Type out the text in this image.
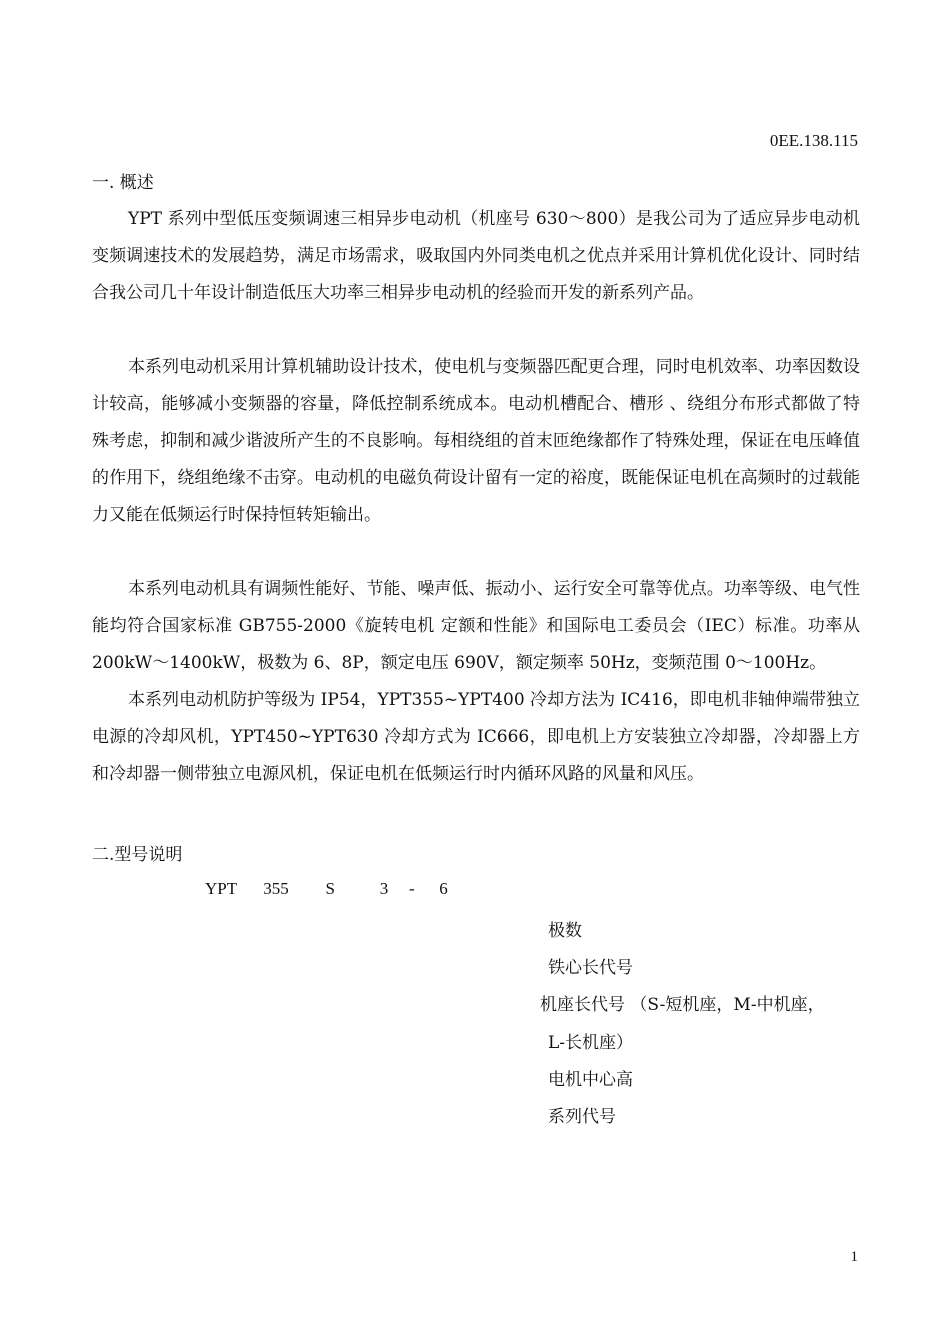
0EE.138.115
一. 概述
YPT 系列中型低压变频调速三相异步电动机（机座号 630～800）是我公司为了适应异步电动机变频调速技术的发展趋势，满足市场需求，吸取国内外同类电机之优点并采用计算机优化设计、同时结合我公司几十年设计制造低压大功率三相异步电动机的经验而开发的新系列产品。
本系列电动机采用计算机辅助设计技术，使电机与变频器匹配更合理，同时电机效率、功率因数设计较高，能够减小变频器的容量，降低控制系统成本。电动机槽配合、槽形 、绕组分布形式都做了特殊考虑，抑制和减少谐波所产生的不良影响。每相绕组的首末匝绝缘都作了特殊处理，保证在电压峰值的作用下，绕组绝缘不击穿。电动机的电磁负荷设计留有一定的裕度，既能保证电机在高频时的过载能力又能在低频运行时保持恒转矩输出。
本系列电动机具有调频性能好、节能、噪声低、振动小、运行安全可靠等优点。功率等级、电气性能均符合国家标准 GB755-2000《旋转电机 定额和性能》和国际电工委员会（IEC）标准。功率从 200kW～1400kW，极数为 6、8P，额定电压 690V，额定频率 50Hz，变频范围 0～100Hz。
本系列电动机防护等级为 IP54，YPT355~YPT400 冷却方法为 IC416，即电机非轴伸端带独立电源的冷却风机，YPT450~YPT630 冷却方式为 IC666，即电机上方安装独立冷却器，冷却器上方和冷却器一侧带独立电源风机，保证电机在低频运行时内循环风路的风量和风压。
二.型号说明
YPT 355 S	3 - 6
极数
铁心长代号
机座长代号 （S-短机座，M-中机座，
L-长机座）
电机中心高
系列代号
1
